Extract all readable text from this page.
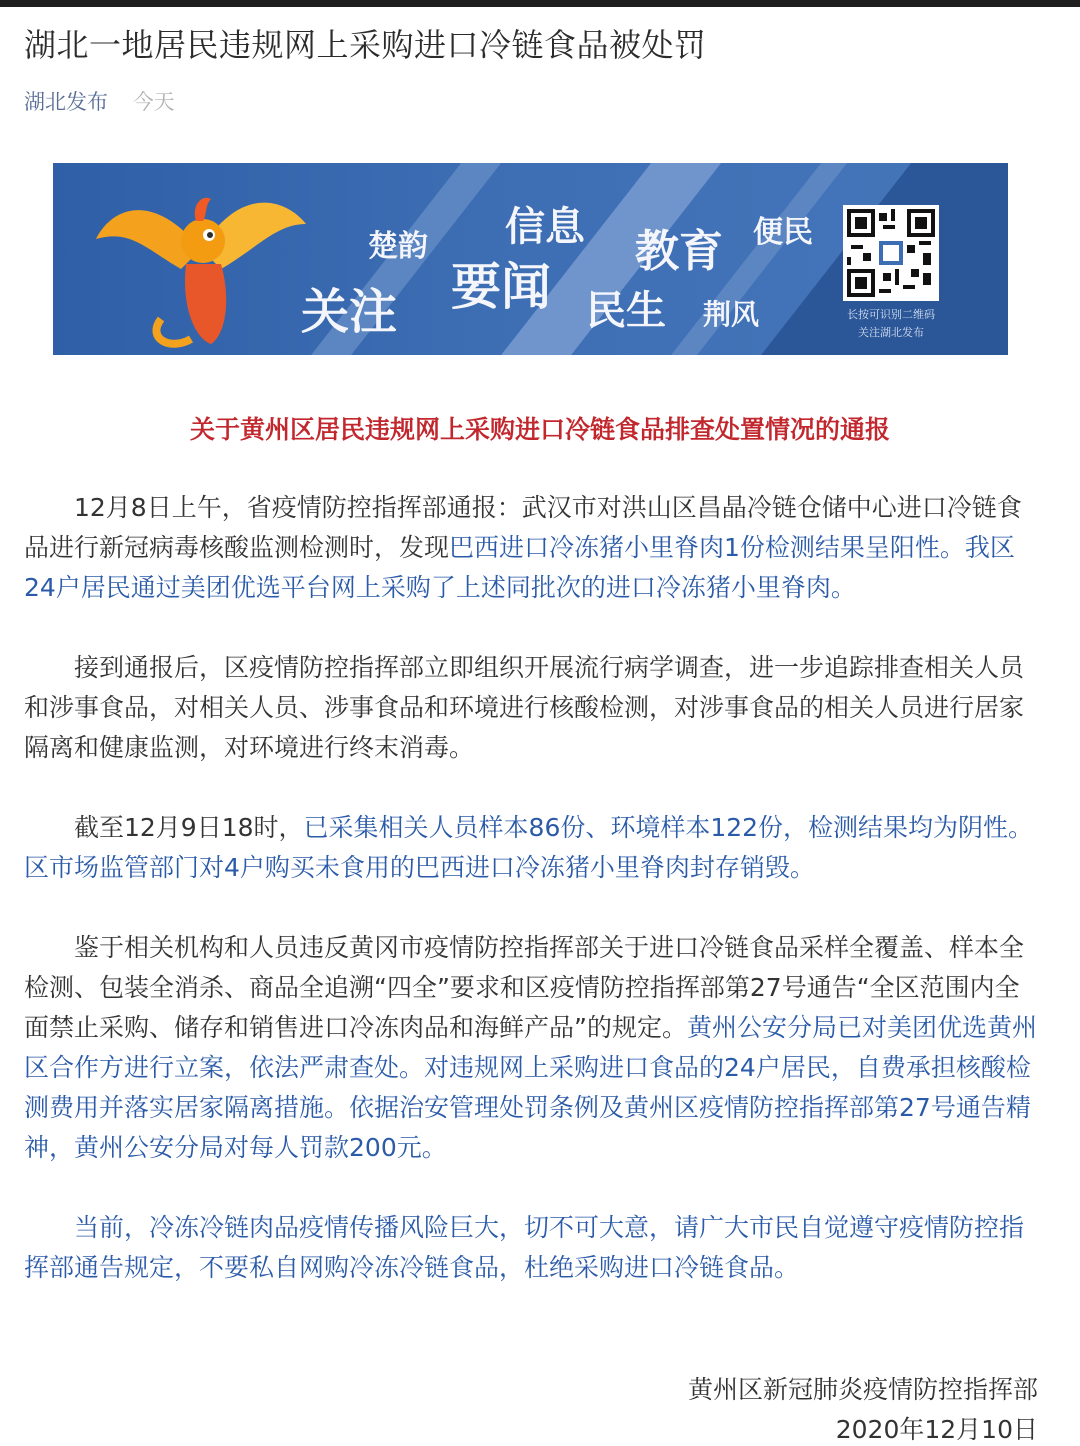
湖北一地居民违规网上采购进口冷链食品被处罚
湖北发布 今天
楚韵
关注
信息
要闻
教育 便民
民生 荆风	长按可识别二维码
关注湖北发布
关于黄州区居民违规网上采购进口冷链食品排查处置情况的通报
12月8日上午，省疫情防控指挥部通报：武汉市对洪山区昌晶冷链仓储中心进口冷链食品进行新冠病毒核酸监测检测时，发现巴西进口冷冻猪小里脊肉1份检测结果呈阳性。我区24户居民通过美团优选平台网上采购了上述同批次的进口冷冻猪小里脊肉。
接到通报后，区疫情防控指挥部立即组织开展流行病学调查，进一步追踪排查相关人员和涉事食品，对相关人员、涉事食品和环境进行核酸检测，对涉事食品的相关人员进行居家隔离和健康监测，对环境进行终末消毒。
截至12月9日18时，已采集相关人员样本86份、环境样本122份，检测结果均为阴性。区市场监管部门对4户购买未食用的巴西进口冷冻猪小里脊肉封存销毁。
鉴于相关机构和人员违反黄冈市疫情防控指挥部关于进口冷链食品采样全覆盖、样本全检测、包装全消杀、商品全追溯“四全”要求和区疫情防控指挥部第27号通告“全区范围内全面禁止采购、储存和销售进口冷冻肉品和海鲜产品”的规定。黄州公安分局已对美团优选黄州区合作方进行立案，依法严肃查处。对违规网上采购进口食品的24户居民，自费承担核酸检测费用并落实居家隔离措施。依据治安管理处罚条例及黄州区疫情防控指挥部第27号通告精神，黄州公安分局对每人罚款200元。
当前，冷冻冷链肉品疫情传播风险巨大，切不可大意，请广大市民自觉遵守疫情防控指挥部通告规定，不要私自网购冷冻冷链食品，杜绝采购进口冷链食品。
黄州区新冠肺炎疫情防控指挥部
2020年12月10日
